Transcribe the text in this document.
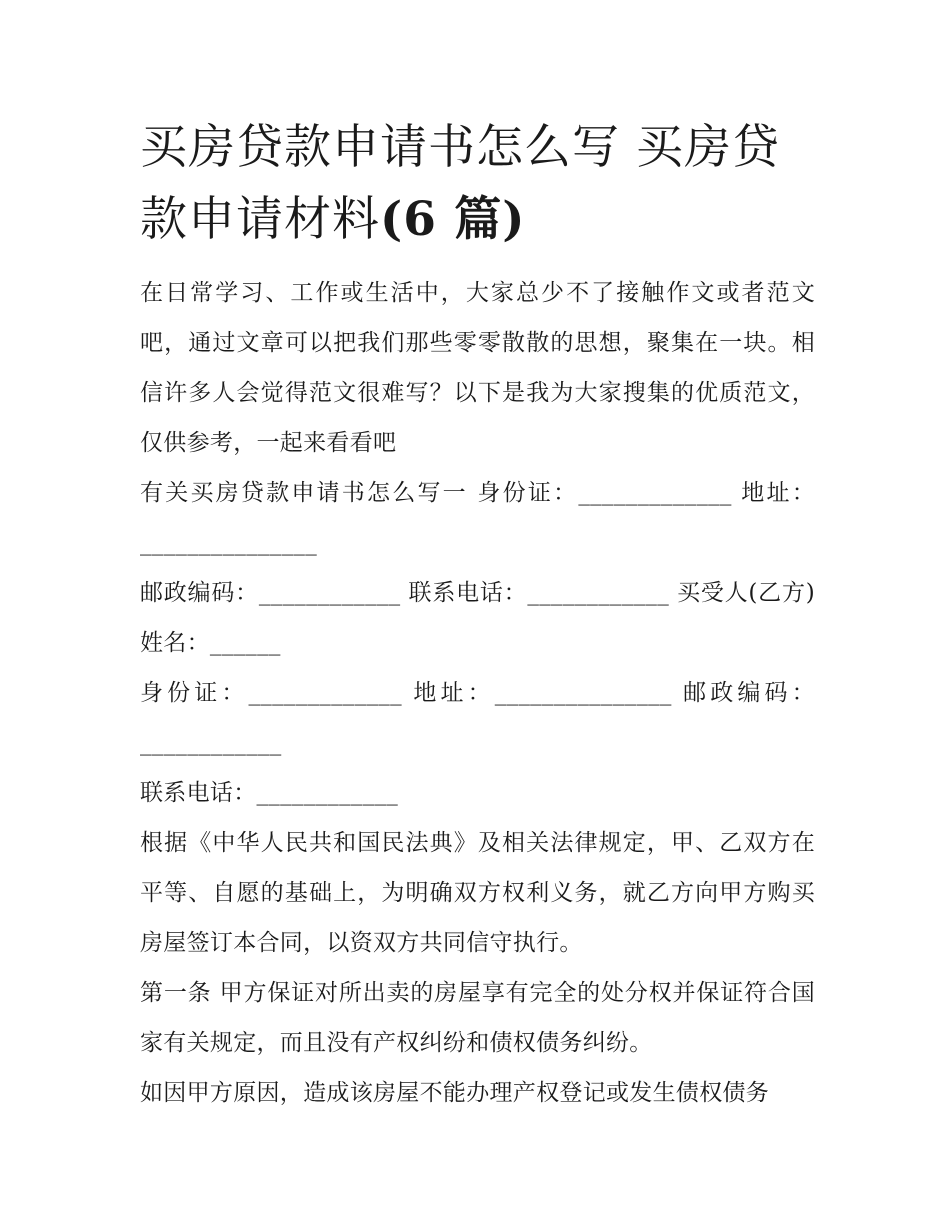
买房贷款申请书怎么写 买房贷
款申请材料(6 篇)

在日常学习、工作或生活中，大家总少不了接触作文或者范文吧，通过文章可以把我们那些零零散散的思想，聚集在一块。相信许多人会觉得范文很难写？以下是我为大家搜集的优质范文，仅供参考，一起来看看吧

有关买房贷款申请书怎么写一 身份证：_____________ 地址：_______________

邮政编码：____________ 联系电话：____________ 买受人(乙方)姓名：______

身份证：_____________ 地址：_______________ 邮政编码：____________

联系电话：____________

根据《中华人民共和国民法典》及相关法律规定，甲、乙双方在平等、自愿的基础上，为明确双方权利义务，就乙方向甲方购买房屋签订本合同，以资双方共同信守执行。

第一条 甲方保证对所出卖的房屋享有完全的处分权并保证符合国家有关规定，而且没有产权纠纷和债权债务纠纷。

如因甲方原因，造成该房屋不能办理产权登记或发生债权债务
